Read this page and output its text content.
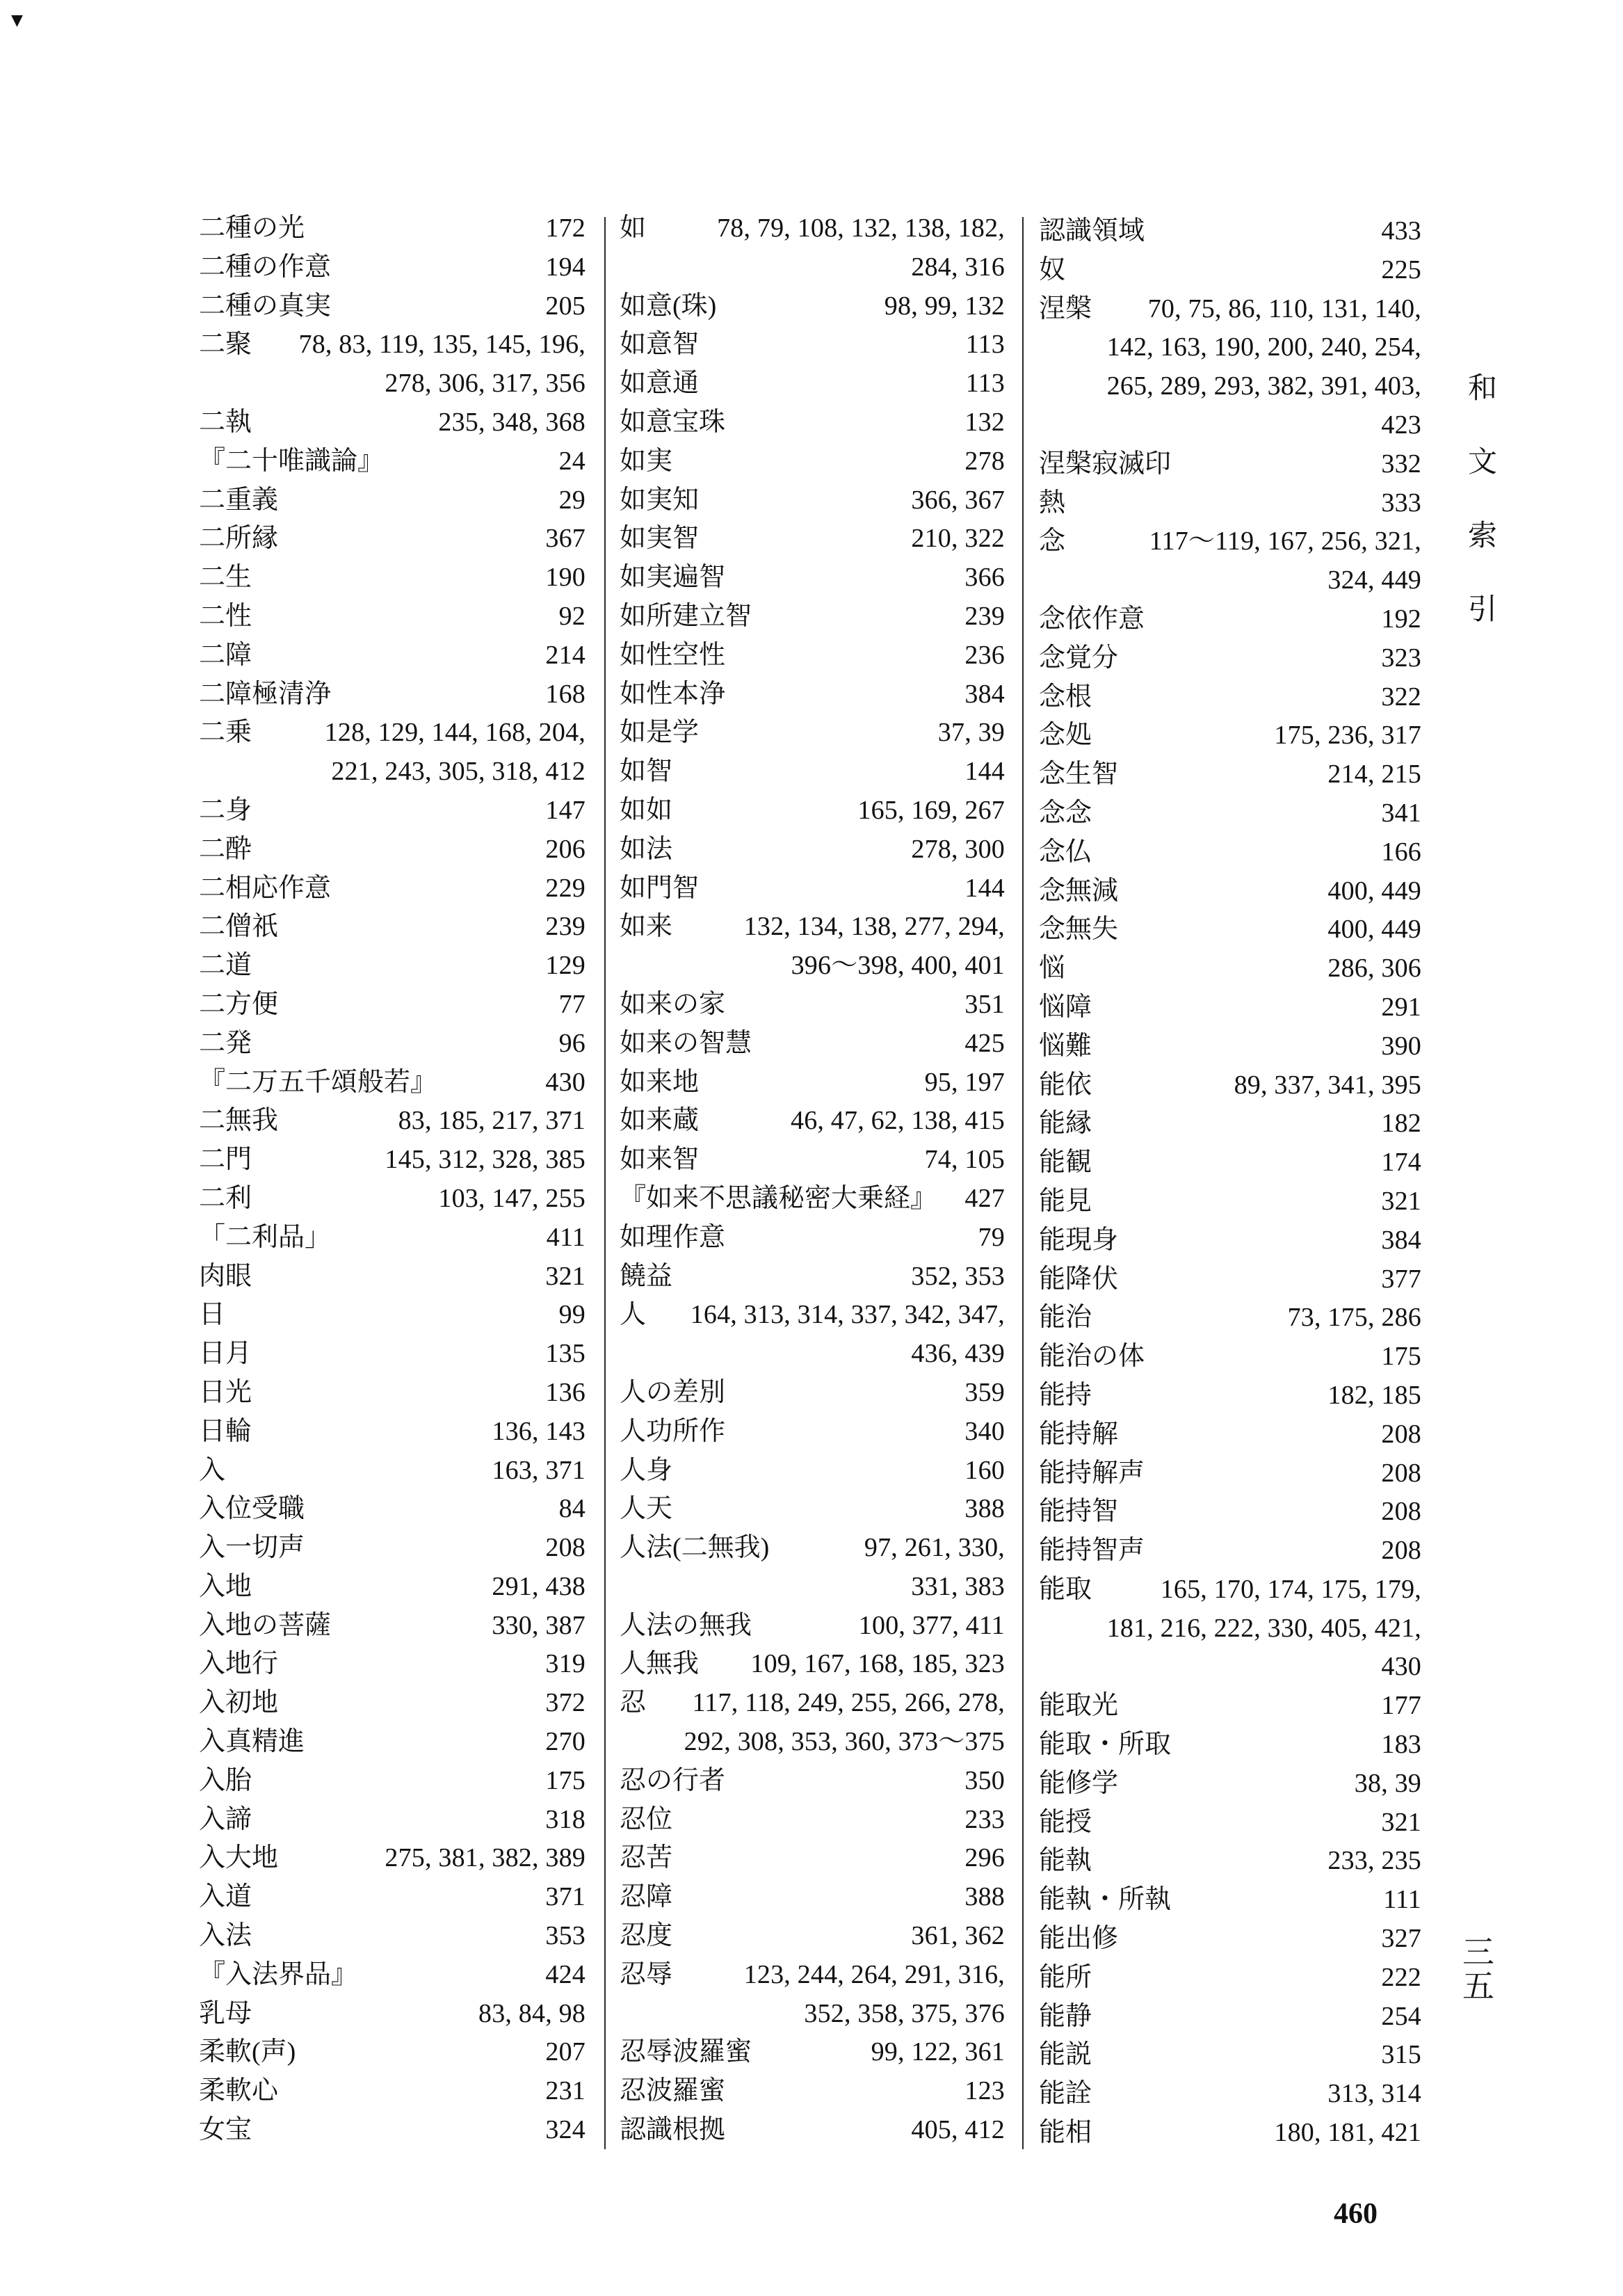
▼
二種の光	172
二種の作意	194
二種の真実	205
二聚	78, 83, 119, 135, 145, 196,
278, 306, 317, 356
二執	235, 348, 368
『二十唯識論』	24
二重義	29
二所縁	367
二生	190
二性	92
二障	214
二障極清浄	168
二乗	128, 129, 144, 168, 204,
221, 243, 305, 318, 412
二身	147
二酔	206
二相応作意	229
二僧祇	239
二道	129
二方便	77
二発	96
『二万五千頌般若』	430
二無我	83, 185, 217, 371
二門	145, 312, 328, 385
二利	103, 147, 255
「二利品」	411
肉眼	321
日	99
日月	135
日光	136
日輪	136, 143
入	163, 371
入位受職	84
入一切声	208
入地	291, 438
入地の菩薩	330, 387
入地行	319
入初地	372
入真精進	270
入胎	175
入諦	318
入大地	275, 381, 382, 389
入道	371
入法	353
『入法界品』	424
乳母	83, 84, 98
柔軟(声)	207
柔軟心	231
女宝	324
如	78, 79, 108, 132, 138, 182,
284, 316
如意(珠)	98, 99, 132
如意智	113
如意通	113
如意宝珠	132
如実	278
如実知	366, 367
如実智	210, 322
如実遍智	366
如所建立智	239
如性空性	236
如性本浄	384
如是学	37, 39
如智	144
如如	165, 169, 267
如法	278, 300
如門智	144
如来	132, 134, 138, 277, 294,
396～398, 400, 401
如来の家	351
如来の智慧	425
如来地	95, 197
如来蔵	46, 47, 62, 138, 415
如来智	74, 105
『如来不思議秘密大乗経』	427
如理作意	79
饒益	352, 353
人	164, 313, 314, 337, 342, 347,
436, 439
人の差別	359
人功所作	340
人身	160
人天	388
人法(二無我)	97, 261, 330,
331, 383
人法の無我	100, 377, 411
人無我	109, 167, 168, 185, 323
忍	117, 118, 249, 255, 266, 278,
292, 308, 353, 360, 373～375
忍の行者	350
忍位	233
忍苦	296
忍障	388
忍度	361, 362
忍辱	123, 244, 264, 291, 316,
352, 358, 375, 376
忍辱波羅蜜	99, 122, 361
忍波羅蜜	123
認識根拠	405, 412
認識領域	433
奴	225
涅槃	70, 75, 86, 110, 131, 140,
142, 163, 190, 200, 240, 254,
265, 289, 293, 382, 391, 403,
423
涅槃寂滅印	332
熱	333
念	117～119, 167, 256, 321,
324, 449
念依作意	192
念覚分	323
念根	322
念処	175, 236, 317
念生智	214, 215
念念	341
念仏	166
念無減	400, 449
念無失	400, 449
悩	286, 306
悩障	291
悩難	390
能依	89, 337, 341, 395
能縁	182
能観	174
能見	321
能現身	384
能降伏	377
能治	73, 175, 286
能治の体	175
能持	182, 185
能持解	208
能持解声	208
能持智	208
能持智声	208
能取	165, 170, 174, 175, 179,
181, 216, 222, 330, 405, 421,
430
能取光	177
能取・所取	183
能修学	38, 39
能授	321
能執	233, 235
能執・所執	111
能出修	327
能所	222
能静	254
能説	315
能詮	313, 314
能相	180, 181, 421
和文索引
三五
460
